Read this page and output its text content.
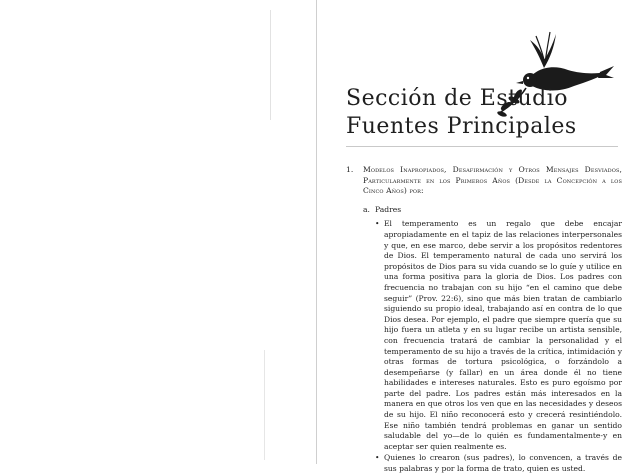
Sección de Estudio
Fuentes Principales
1. Modelos Inapropiados, Desafirmación y Otros Mensajes Desviados, Particularmente en los Primeros Años (Desde la Concepción a los Cinco Años) por:
a. Padres
• El temperamento es un regalo que debe encajar apropiadamente en el tapiz de las relaciones interpersonales y que, en ese marco, debe servir a los propósitos redentores de Dios. El temperamento natural de cada uno servirá los propósitos de Dios para su vida cuando se lo guíe y utilice en una forma positiva para la gloria de Dios. Los padres con frecuencia no trabajan con su hijo “en el camino que debe seguir” (Prov. 22:6), sino que más bien tratan de cambiarlo siguiendo su propio ideal, trabajando así en contra de lo que Dios desea. Por ejemplo, el padre que siempre quería que su hijo fuera un atleta y en su lugar recibe un artista sensible, con frecuencia tratará de cambiar la personalidad y el temperamento de su hijo a través de la crítica, intimidación y otras formas de tortura psicológica, o forzándolo a desempeñarse (y fallar) en un área donde él no tiene habilidades e intereses naturales. Esto es puro egoísmo por parte del padre. Los padres están más interesados en la manera en que otros los ven que en las necesidades y deseos de su hijo. El niño reconocerá esto y crecerá resintiéndolo. Ese niño también tendrá problemas en ganar un sentido saludable del yo—de lo quién es fundamentalmente-y en aceptar ser quien realmente es.
• Quienes lo crearon (sus padres), lo convencen, a través de sus palabras y por la forma de trato, quien es usted.
